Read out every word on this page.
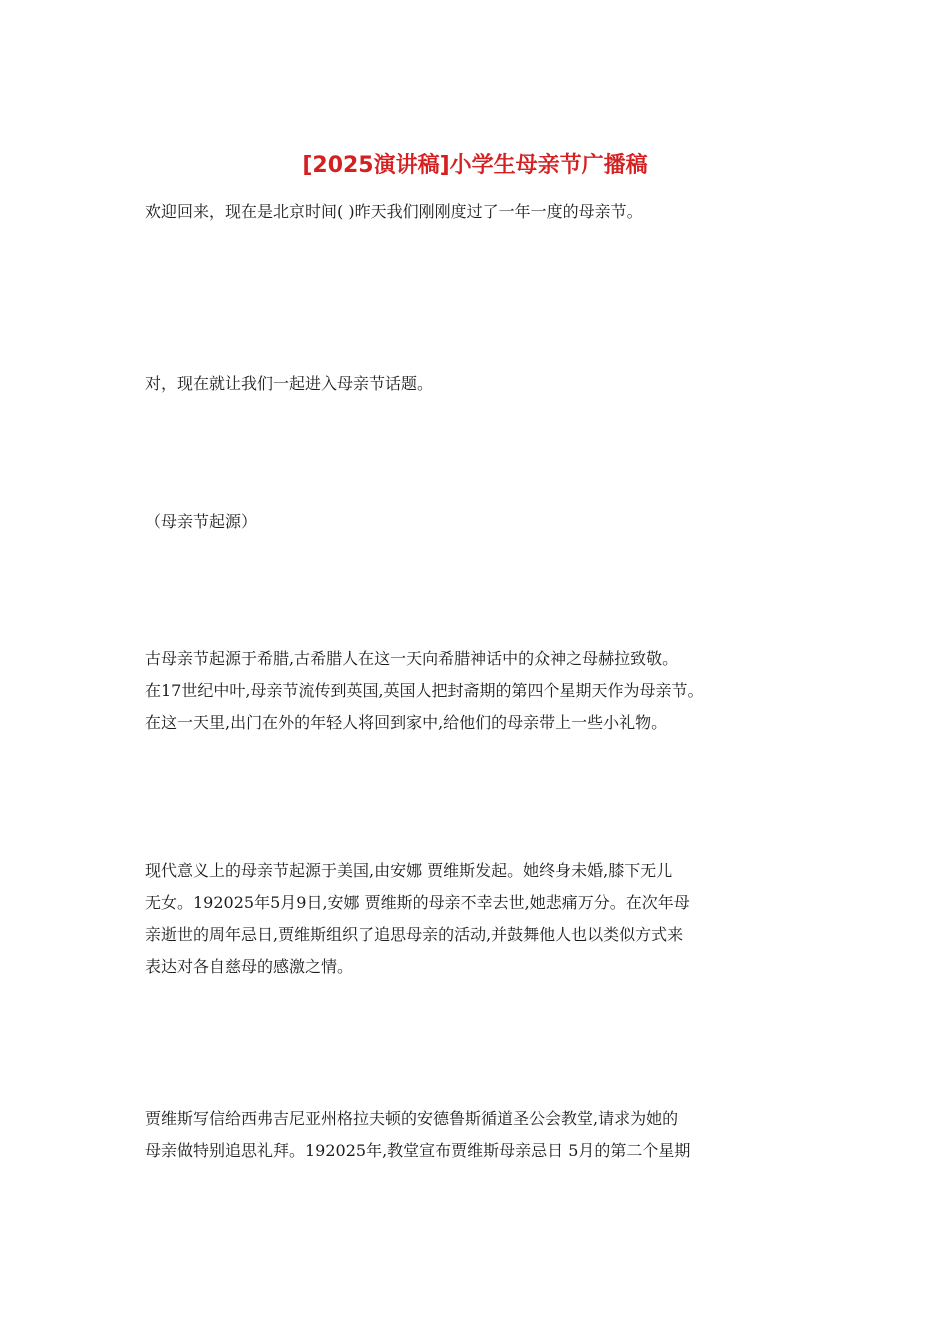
[2025演讲稿]小学生母亲节广播稿

欢迎回来，现在是北京时间( )昨天我们刚刚度过了一年一度的母亲节。

对，现在就让我们一起进入母亲节话题。

（母亲节起源）

古母亲节起源于希腊,古希腊人在这一天向希腊神话中的众神之母赫拉致敬。
在17世纪中叶,母亲节流传到英国,英国人把封斋期的第四个星期天作为母亲节。
在这一天里,出门在外的年轻人将回到家中,给他们的母亲带上一些小礼物。
现代意义上的母亲节起源于美国,由安娜 贾维斯发起。她终身未婚,膝下无儿
无女。192025年5月9日,安娜 贾维斯的母亲不幸去世,她悲痛万分。在次年母
亲逝世的周年忌日,贾维斯组织了追思母亲的活动,并鼓舞他人也以类似方式来
表达对各自慈母的感激之情。
贾维斯写信给西弗吉尼亚州格拉夫顿的安德鲁斯循道圣公会教堂,请求为她的
母亲做特别追思礼拜。192025年,教堂宣布贾维斯母亲忌日 5月的第二个星期
